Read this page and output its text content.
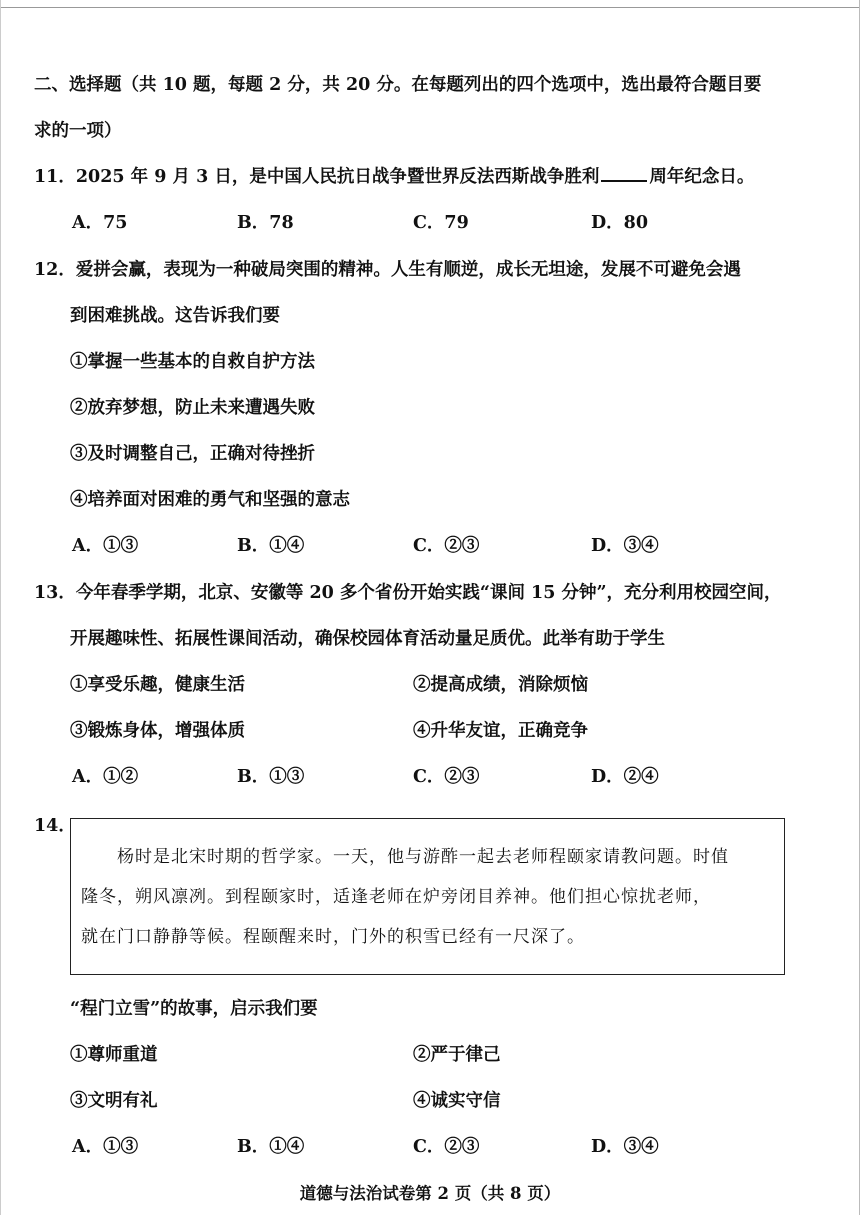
二、选择题（共 10 题，每题 2 分，共 20 分。在每题列出的四个选项中，选出最符合题目要
求的一项）
11．2025 年 9 月 3 日，是中国人民抗日战争暨世界反法西斯战争胜利	周年纪念日。
A．75	B．78	C．79	D．80
12．爱拼会赢，表现为一种破局突围的精神。人生有顺逆，成长无坦途，发展不可避免会遇
到困难挑战。这告诉我们要
①掌握一些基本的自救自护方法
②放弃梦想，防止未来遭遇失败
③及时调整自己，正确对待挫折
④培养面对困难的勇气和坚强的意志
A．①③	B．①④	C．②③	D．③④
13．今年春季学期，北京、安徽等 20 多个省份开始实践“课间 15 分钟”，充分利用校园空间，
开展趣味性、拓展性课间活动，确保校园体育活动量足质优。此举有助于学生
①享受乐趣，健康生活	②提高成绩，消除烦恼
③锻炼身体，增强体质	④升华友谊，正确竞争
A．①②	B．①③	C．②③	D．②④
14．
杨时是北宋时期的哲学家。一天，他与游酢一起去老师程颐家请教问题。时值
隆冬，朔风凛冽。到程颐家时，适逢老师在炉旁闭目养神。他们担心惊扰老师，
就在门口静静等候。程颐醒来时，门外的积雪已经有一尺深了。
“程门立雪”的故事，启示我们要
①尊师重道	②严于律己
③文明有礼	④诚实守信
A．①③	B．①④	C．②③	D．③④
道德与法治试卷第 2 页（共 8 页）
